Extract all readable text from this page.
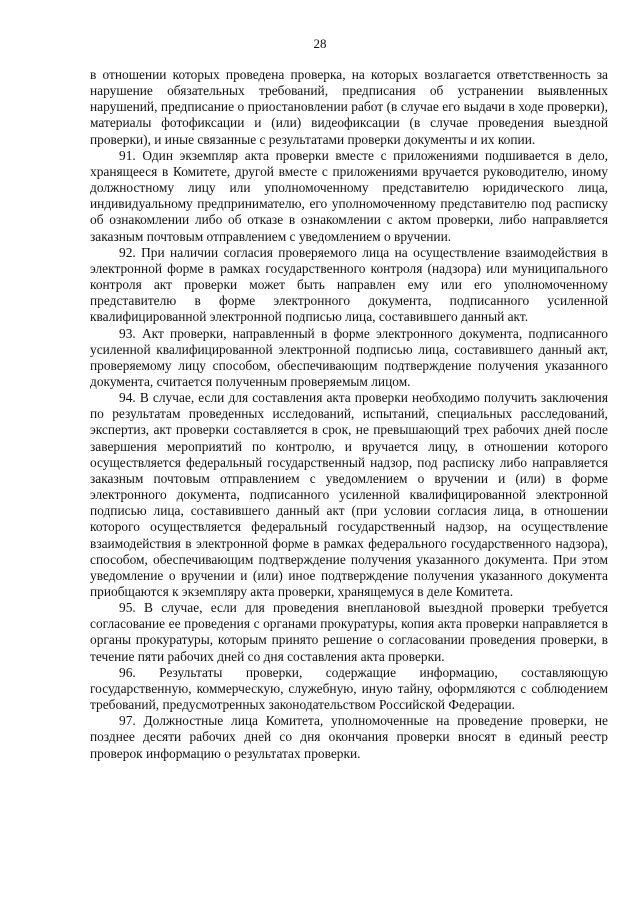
28

в отношении которых проведена проверка, на которых возлагается ответственность за нарушение обязательных требований, предписания об устранении выявленных нарушений, предписание о приостановлении работ (в случае его выдачи в ходе проверки), материалы фотофиксации и (или) видеофиксации (в случае проведения выездной проверки), и иные связанные с результатами проверки документы и их копии.

91. Один экземпляр акта проверки вместе с приложениями подшивается в дело, хранящееся в Комитете, другой вместе с приложениями вручается руководителю, иному должностному лицу или уполномоченному представителю юридического лица, индивидуальному предпринимателю, его уполномоченному представителю под расписку об ознакомлении либо об отказе в ознакомлении с актом проверки, либо направляется заказным почтовым отправлением с уведомлением о вручении.

92. При наличии согласия проверяемого лица на осуществление взаимодействия в электронной форме в рамках государственного контроля (надзора) или муниципального контроля акт проверки может быть направлен ему или его уполномоченному представителю в форме электронного документа, подписанного усиленной квалифицированной электронной подписью лица, составившего данный акт.

93. Акт проверки, направленный в форме электронного документа, подписанного усиленной квалифицированной электронной подписью лица, составившего данный акт, проверяемому лицу способом, обеспечивающим подтверждение получения указанного документа, считается полученным проверяемым лицом.

94. В случае, если для составления акта проверки необходимо получить заключения по результатам проведенных исследований, испытаний, специальных расследований, экспертиз, акт проверки составляется в срок, не превышающий трех рабочих дней после завершения мероприятий по контролю, и вручается лицу, в отношении которого осуществляется федеральный государственный надзор, под расписку либо направляется заказным почтовым отправлением с уведомлением о вручении и (или) в форме электронного документа, подписанного усиленной квалифицированной электронной подписью лица, составившего данный акт (при условии согласия лица, в отношении которого осуществляется федеральный государственный надзор, на осуществление взаимодействия в электронной форме в рамках федерального государственного надзора), способом, обеспечивающим подтверждение получения указанного документа. При этом уведомление о вручении и (или) иное подтверждение получения указанного документа приобщаются к экземпляру акта проверки, хранящемуся в деле Комитета.

95. В случае, если для проведения внеплановой выездной проверки требуется согласование ее проведения с органами прокуратуры, копия акта проверки направляется в органы прокуратуры, которым принято решение о согласовании проведения проверки, в течение пяти рабочих дней со дня составления акта проверки.

96. Результаты проверки, содержащие информацию, составляющую государственную, коммерческую, служебную, иную тайну, оформляются с соблюдением требований, предусмотренных законодательством Российской Федерации.

97. Должностные лица Комитета, уполномоченные на проведение проверки, не позднее десяти рабочих дней со дня окончания проверки вносят в единый реестр проверок информацию о результатах проверки.
